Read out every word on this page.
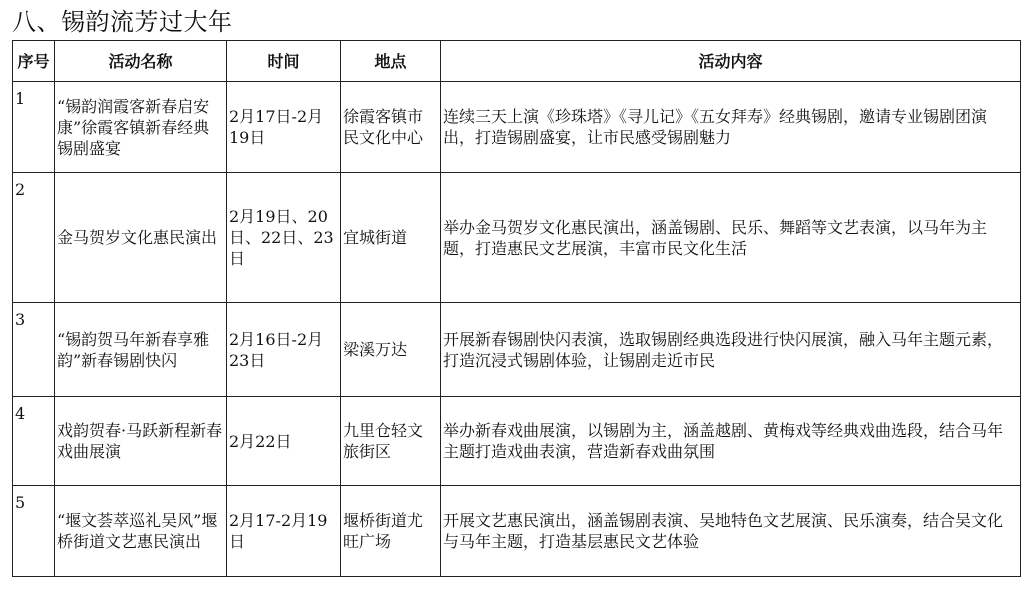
八、锡韵流芳过大年
序号	活动名称	时间	地点	活动内容
1	“锡韵润霞客新春启安康”徐霞客镇新春经典锡剧盛宴	2月17日-2月19日	徐霞客镇市民文化中心	连续三天上演《珍珠塔》《寻儿记》《五女拜寿》经典锡剧，邀请专业锡剧团演出，打造锡剧盛宴，让市民感受锡剧魅力
2	金马贺岁文化惠民演出	2月19日、20日、22日、23日	宜城街道	举办金马贺岁文化惠民演出，涵盖锡剧、民乐、舞蹈等文艺表演，以马年为主题，打造惠民文艺展演，丰富市民文化生活
3	“锡韵贺马年新春享雅韵”新春锡剧快闪	2月16日-2月23日	梁溪万达	开展新春锡剧快闪表演，选取锡剧经典选段进行快闪展演，融入马年主题元素，打造沉浸式锡剧体验，让锡剧走近市民
4	戏韵贺春·马跃新程新春戏曲展演	2月22日	九里仓轻文旅街区	举办新春戏曲展演，以锡剧为主，涵盖越剧、黄梅戏等经典戏曲选段，结合马年主题打造戏曲表演，营造新春戏曲氛围
5	“堰文荟萃巡礼吴风”堰桥街道文艺惠民演出	2月17-2月19日	堰桥街道尤旺广场	开展文艺惠民演出，涵盖锡剧表演、吴地特色文艺展演、民乐演奏，结合吴文化与马年主题，打造基层惠民文艺体验
